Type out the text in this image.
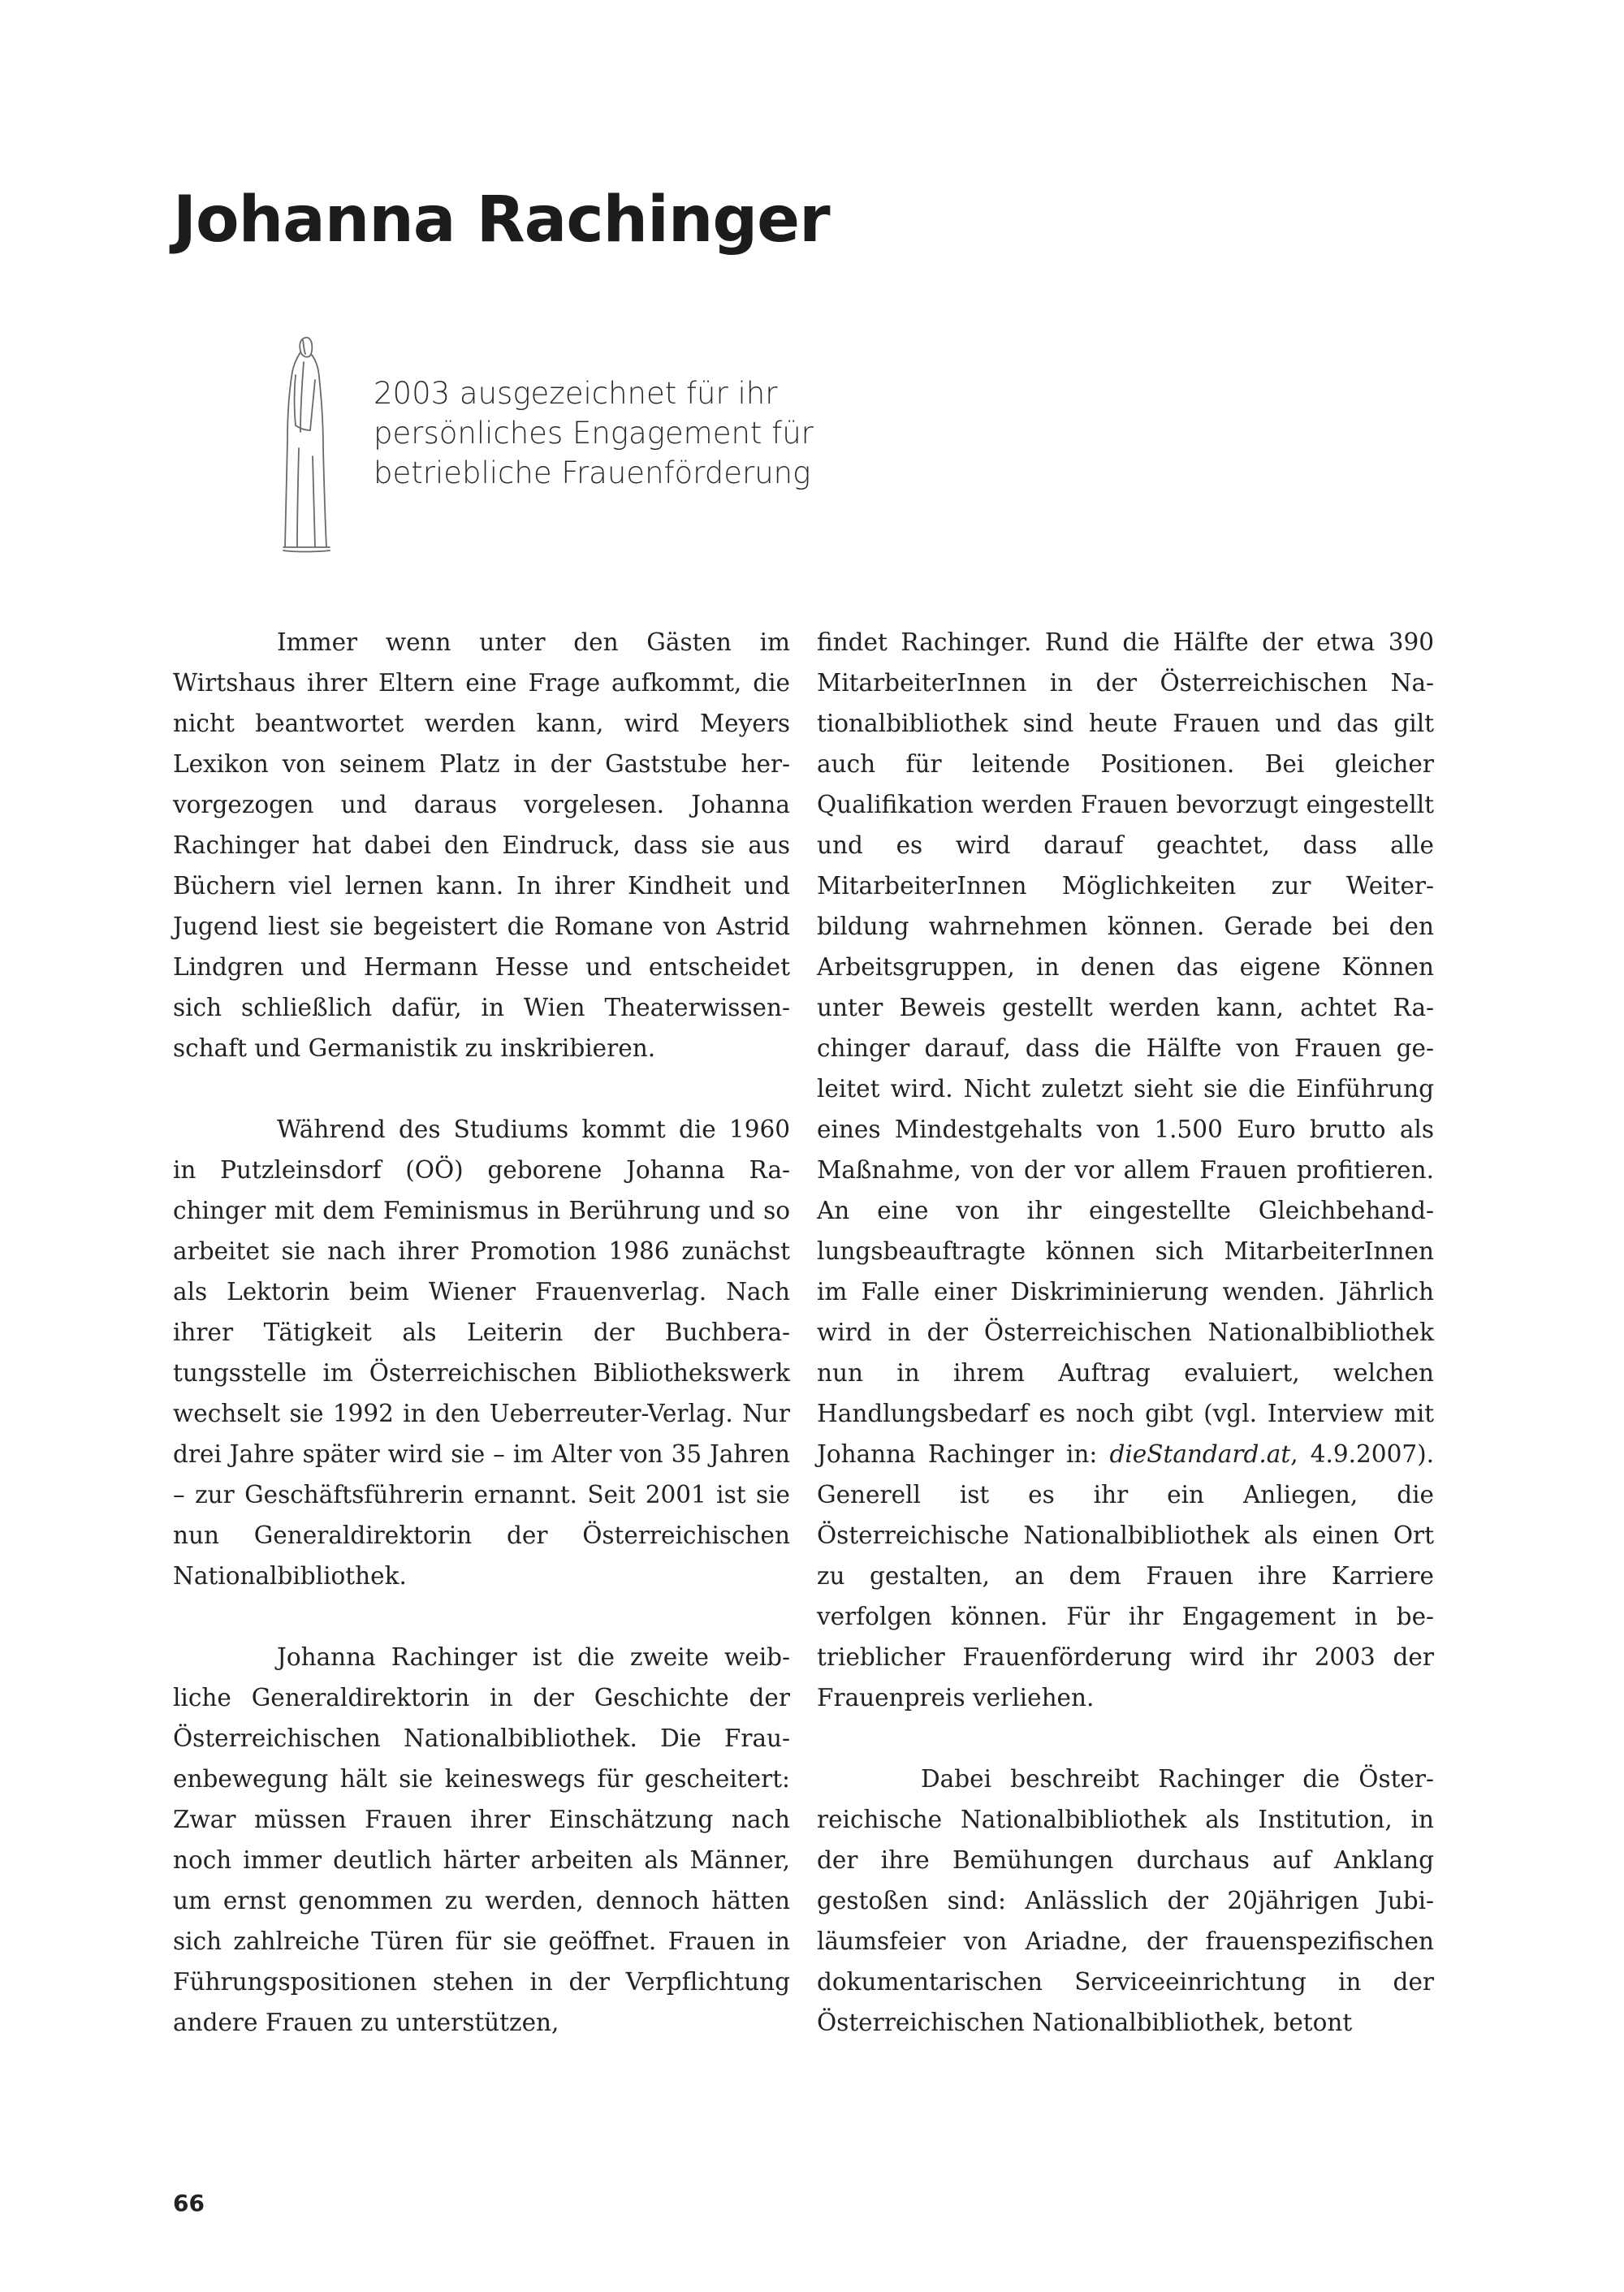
Johanna Rachinger
2003 ausgezeichnet für ihr
persönliches Engagement für
betriebliche Frauenförderung

Immer wenn unter den Gästen im Wirtshaus ihrer Eltern eine Frage aufkommt, die nicht beantwortet werden kann, wird Meyers Lexikon von seinem Platz in der Gaststube hervorgezogen und daraus vorgelesen. Johanna Rachinger hat dabei den Eindruck, dass sie aus Büchern viel lernen kann. In ihrer Kindheit und Jugend liest sie begeistert die Romane von Astrid Lindgren und Hermann Hesse und entscheidet sich schließlich dafür, in Wien Theaterwissenschaft und Germanistik zu inskribieren.

Während des Studiums kommt die 1960 in Putzleinsdorf (OÖ) geborene Johanna Rachinger mit dem Feminismus in Berührung und so arbeitet sie nach ihrer Promotion 1986 zunächst als Lektorin beim Wiener Frauenverlag. Nach ihrer Tätigkeit als Leiterin der Buchberatungsstelle im Österreichischen Bibliothekswerk wechselt sie 1992 in den Ueberreuter-Verlag. Nur drei Jahre später wird sie – im Alter von 35 Jahren – zur Geschäftsführerin ernannt. Seit 2001 ist sie nun Generaldirektorin der Österreichischen Nationalbibliothek.

Johanna Rachinger ist die zweite weibliche Generaldirektorin in der Geschichte der Österreichischen Nationalbibliothek. Die Frauenbewegung hält sie keineswegs für gescheitert: Zwar müssen Frauen ihrer Einschätzung nach noch immer deutlich härter arbeiten als Männer, um ernst genommen zu werden, dennoch hätten sich zahlreiche Türen für sie geöffnet. Frauen in Führungspositionen stehen in der Verpflichtung andere Frauen zu unterstützen,

findet Rachinger. Rund die Hälfte der etwa 390 MitarbeiterInnen in der Österreichischen Nationalbibliothek sind heute Frauen und das gilt auch für leitende Positionen. Bei gleicher Qualifikation werden Frauen bevorzugt eingestellt und es wird darauf geachtet, dass alle MitarbeiterInnen Möglichkeiten zur Weiterbildung wahrnehmen können. Gerade bei den Arbeitsgruppen, in denen das eigene Können unter Beweis gestellt werden kann, achtet Rachinger darauf, dass die Hälfte von Frauen geleitet wird. Nicht zuletzt sieht sie die Einführung eines Mindestgehalts von 1.500 Euro brutto als Maßnahme, von der vor allem Frauen profitieren. An eine von ihr eingestellte Gleichbehandlungsbeauftragte können sich MitarbeiterInnen im Falle einer Diskriminierung wenden. Jährlich wird in der Österreichischen Nationalbibliothek nun in ihrem Auftrag evaluiert, welchen Handlungsbedarf es noch gibt (vgl. Interview mit Johanna Rachinger in: dieStandard.at, 4.9.2007). Generell ist es ihr ein Anliegen, die Österreichische Nationalbibliothek als einen Ort zu gestalten, an dem Frauen ihre Karriere verfolgen können. Für ihr Engagement in betrieblicher Frauenförderung wird ihr 2003 der Frauenpreis verliehen.

Dabei beschreibt Rachinger die Österreichische Nationalbibliothek als Institution, in der ihre Bemühungen durchaus auf Anklang gestoßen sind: Anlässlich der 20jährigen Jubiläumsfeier von Ariadne, der frauenspezifischen dokumentarischen Serviceeinrichtung in der Österreichischen Nationalbibliothek, betont

66
